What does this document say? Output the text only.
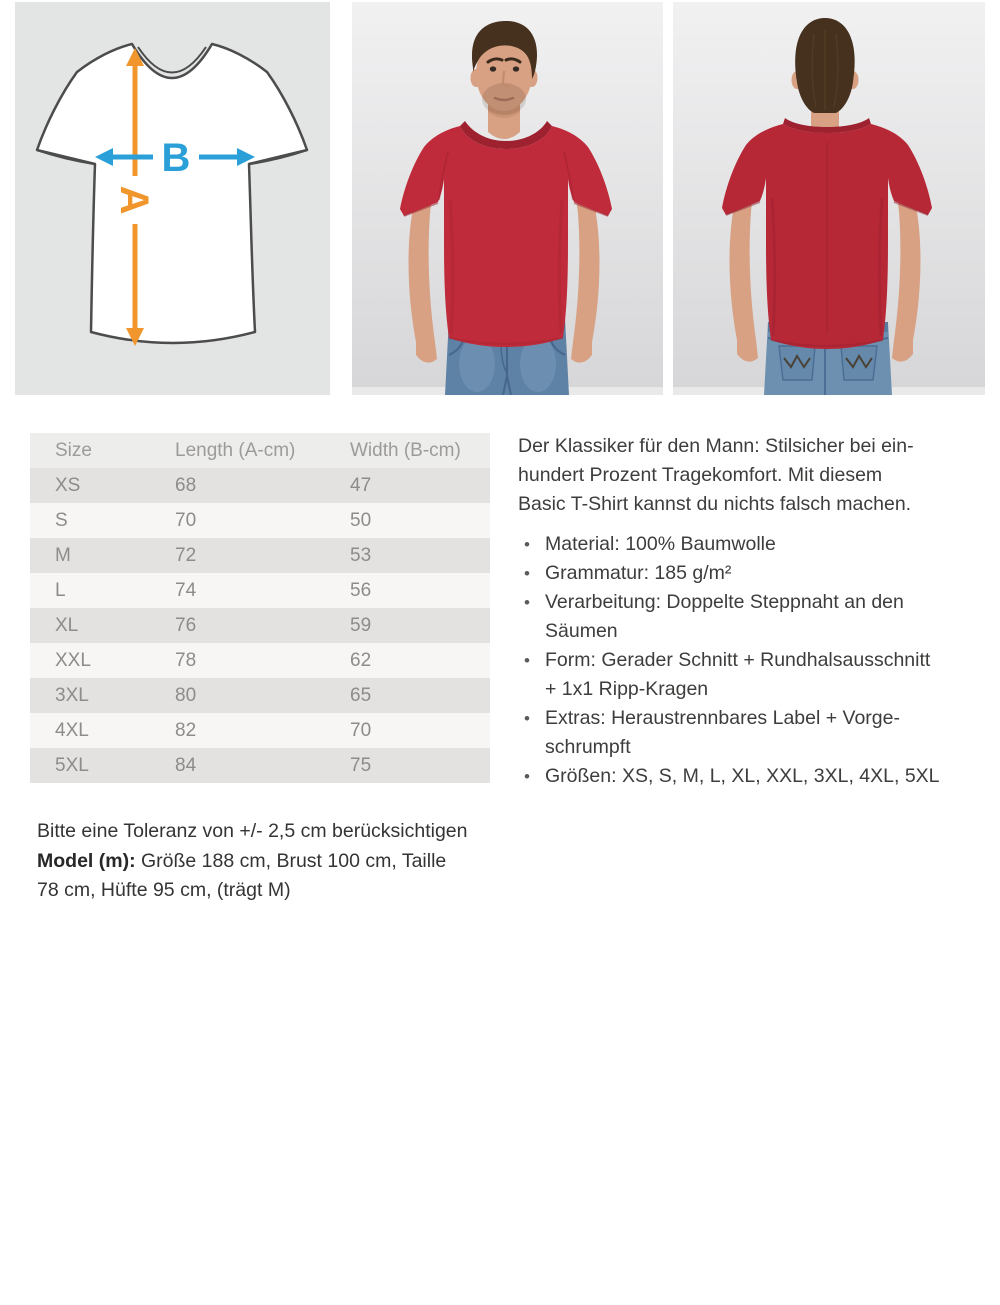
A
B
Size	Length (A-cm)	Width (B-cm)
XS	68	47
S	70	50
M	72	53
L	74	56
XL	76	59
XXL	78	62
3XL	80	65
4XL	82	70
5XL	84	75
Der Klassiker für den Mann: Stilsicher bei ein-
hundert Prozent Tragekomfort. Mit diesem
Basic T-Shirt kannst du nichts falsch machen.
• Material: 100% Baumwolle
• Grammatur: 185 g/m²
• Verarbeitung: Doppelte Steppnaht an den
Säumen
• Form: Gerader Schnitt + Rundhalsausschnitt
+ 1x1 Ripp-Kragen
• Extras: Heraustrennbares Label + Vorge-
schrumpft
• Größen: XS, S, M, L, XL, XXL, 3XL, 4XL, 5XL
Bitte eine Toleranz von +/- 2,5 cm berücksichtigen
Model (m): Größe 188 cm, Brust 100 cm, Taille
78 cm, Hüfte 95 cm, (trägt M)
